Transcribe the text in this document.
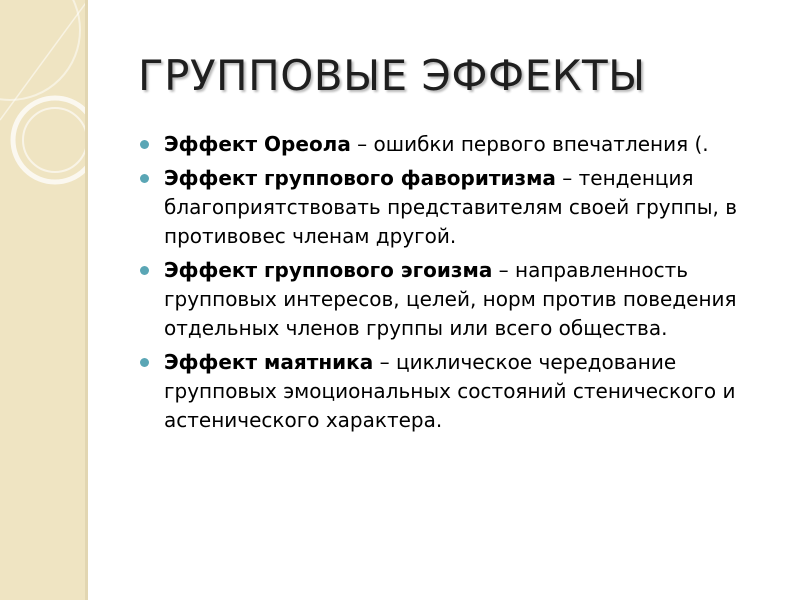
ГРУППОВЫЕ ЭФФЕКТЫ
Эффект Ореола – ошибки первого впечатления (.
Эффект группового фаворитизма – тенденция благоприятствовать представителям своей группы, в противовес членам другой.
Эффект группового эгоизма – направленность групповых интересов, целей, норм против поведения отдельных членов группы или всего общества.
Эффект маятника – циклическое чередование групповых эмоциональных состояний стенического и астенического характера.
